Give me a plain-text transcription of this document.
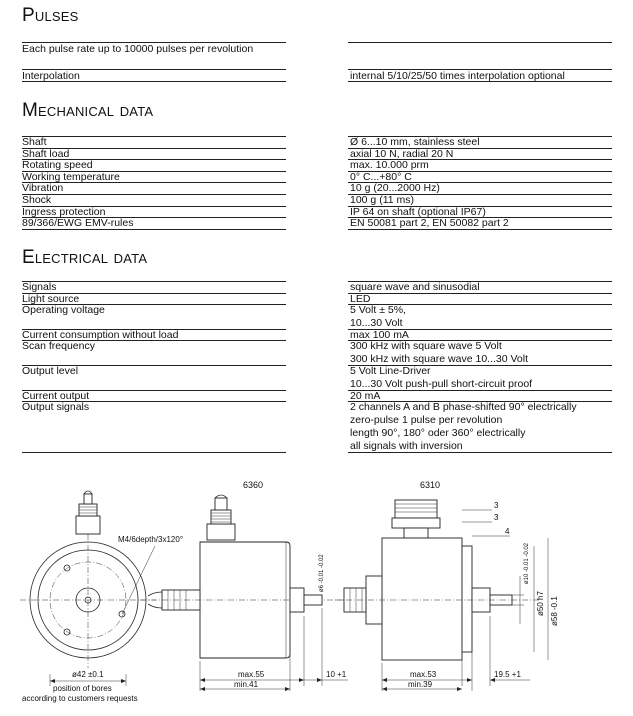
Pulses
Each pulse rate up to 10000 pulses per revolution
Interpolation	internal 5/10/25/50 times interpolation optional
Mechanical data
Shaft	Ø 6...10 mm, stainless steel
Shaft load	axial 10 N, radial 20 N
Rotating speed	max. 10.000 prm
Working temperature	0° C...+80° C
Vibration	10 g (20...2000 Hz)
Shock	100 g (11 ms)
Ingress protection	IP 64 on shaft (optional IP67)
89/366/EWG EMV-rules	EN 50081 part 2, EN 50082 part 2
Electrical data
Signals	square wave and sinusodial
Light source	LED
Operating voltage	5 Volt ± 5%,
10...30 Volt
Current consumption without load	max 100 mA
Scan frequency	300 kHz with square wave 5 Volt
300 kHz with square wave 10...30 Volt
Output level	5 Volt Line-Driver
10...30 Volt push-pull short-circuit proof
Current output	20 mA
Output signals	2 channels A and B phase-shifted 90° electrically
zero-pulse 1 pulse per revolution
length 90°, 180° oder 360° electrically
all signals with inversion
6360	6310
M4/6depth/3x120°
ø42 ±0.1
position of bores
according to customers requests
ø6 -0.01 -0.02
max.55
min.41
10 +1
3
3
4
ø10 -0.01 -0.02
ø50 h7 ø58 -0.1
max.53
min.39
19.5 +1
